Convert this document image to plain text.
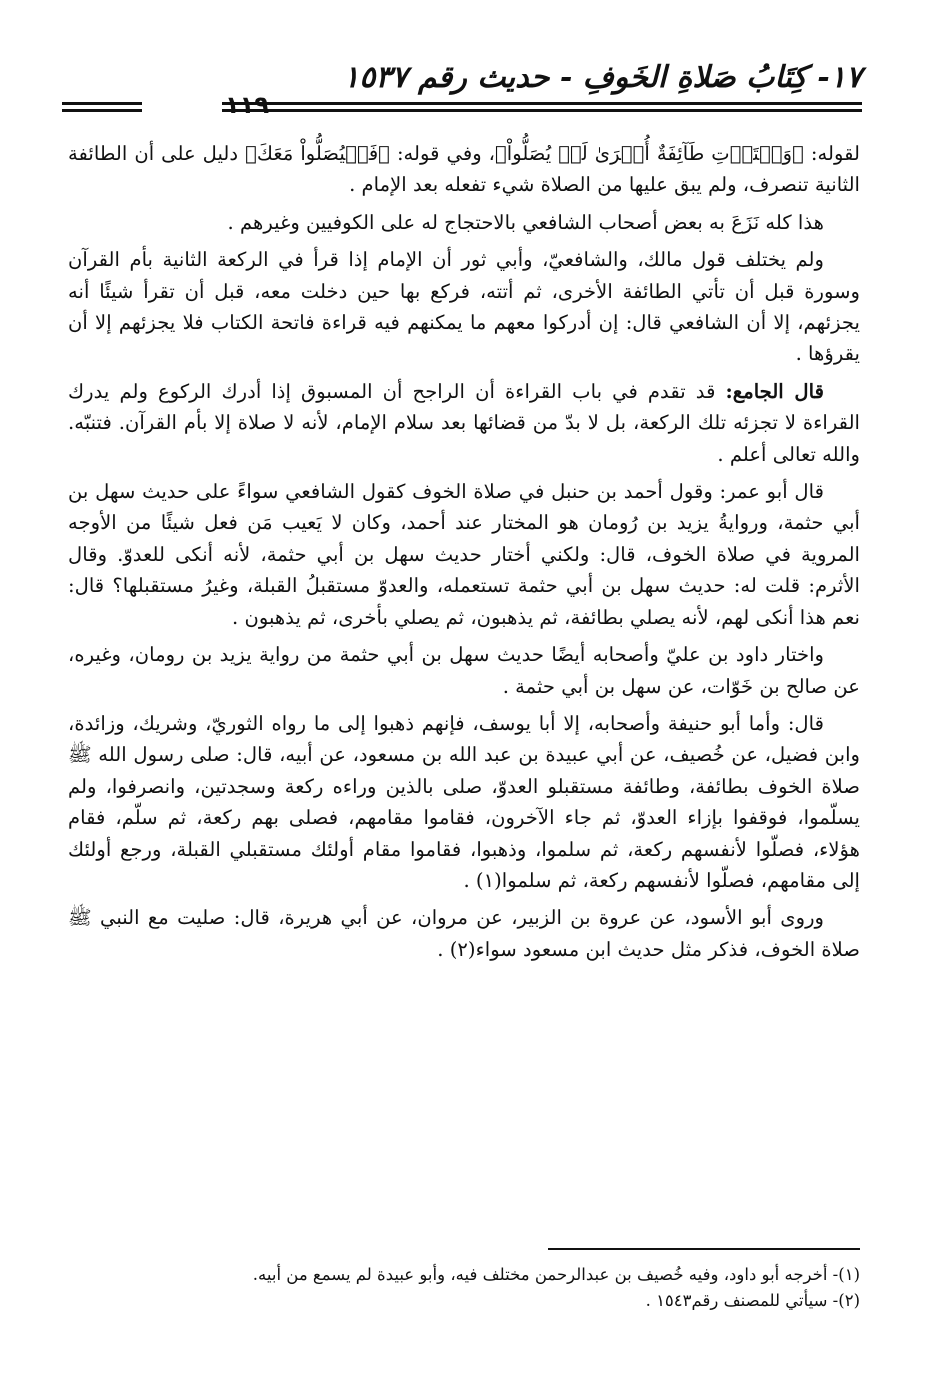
١٧- كِتَابُ صَلاةِ الخَوفِ - حديث رقم ١٥٣٧
١١٩

لقوله: ﴿وَلۡتَأۡتِ طَآئِفَةٌ أُخۡرَىٰ لَمۡ يُصَلُّواْ﴾، وفي قوله: ﴿فَلۡيُصَلُّواْ مَعَكَ﴾ دليل على أن الطائفة الثانية تنصرف، ولم يبق عليها من الصلاة شيء تفعله بعد الإمام .

هذا كله نَزَعَ به بعض أصحاب الشافعي بالاحتجاج له على الكوفيين وغيرهم .

ولم يختلف قول مالك، والشافعيّ، وأبي ثور أن الإمام إذا قرأ في الركعة الثانية بأم القرآن وسورة قبل أن تأتي الطائفة الأخرى، ثم أتته، فركع بها حين دخلت معه، قبل أن تقرأ شيئًا أنه يجزئهم، إلا أن الشافعي قال: إن أدركوا معهم ما يمكنهم فيه قراءة فاتحة الكتاب فلا يجزئهم إلا أن يقرؤها .

قال الجامع: قد تقدم في باب القراءة أن الراجح أن المسبوق إذا أدرك الركوع ولم يدرك القراءة لا تجزئه تلك الركعة، بل لا بدّ من قضائها بعد سلام الإمام، لأنه لا صلاة إلا بأم القرآن. فتنبّه. والله تعالى أعلم .

قال أبو عمر: وقول أحمد بن حنبل في صلاة الخوف كقول الشافعي سواءً على حديث سهل بن أبي حثمة، وروايةُ يزيد بن رُومان هو المختار عند أحمد، وكان لا يَعيب مَن فعل شيئًا من الأوجه المروية في صلاة الخوف، قال: ولكني أختار حديث سهل بن أبي حثمة، لأنه أنكى للعدوّ. وقال الأثرم: قلت له: حديث سهل بن أبي حثمة تستعمله، والعدوّ مستقبلُ القبلة، وغيرُ مستقبلها؟ قال: نعم هذا أنكى لهم، لأنه يصلي بطائفة، ثم يذهبون، ثم يصلي بأخرى، ثم يذهبون .

واختار داود بن عليّ وأصحابه أيضًا حديث سهل بن أبي حثمة من رواية يزيد بن رومان، وغيره، عن صالح بن خَوّات، عن سهل بن أبي حثمة .

قال: وأما أبو حنيفة وأصحابه، إلا أبا يوسف، فإنهم ذهبوا إلى ما رواه الثوريّ، وشريك، وزائدة، وابن فضيل، عن خُصيف، عن أبي عبيدة بن عبد الله بن مسعود، عن أبيه، قال: صلى رسول الله ﷺ صلاة الخوف بطائفة، وطائفة مستقبلو العدوّ، صلى بالذين وراءه ركعة وسجدتين، وانصرفوا، ولم يسلّموا، فوقفوا بإزاء العدوّ، ثم جاء الآخرون، فقاموا مقامهم، فصلى بهم ركعة، ثم سلّم، فقام هؤلاء، فصلّوا لأنفسهم ركعة، ثم سلموا، وذهبوا، فقاموا مقام أولئك مستقبلي القبلة، ورجع أولئك إلى مقامهم، فصلّوا لأنفسهم ركعة، ثم سلموا(١) .

وروى أبو الأسود، عن عروة بن الزبير، عن مروان، عن أبي هريرة، قال: صليت مع النبي ﷺ صلاة الخوف، فذكر مثل حديث ابن مسعود سواء(٢) .

(١)- أخرجه أبو داود، وفيه خُصيف بن عبدالرحمن مختلف فيه، وأبو عبيدة لم يسمع من أبيه.

(٢)- سيأتي للمصنف رقم١٥٤٣ .
